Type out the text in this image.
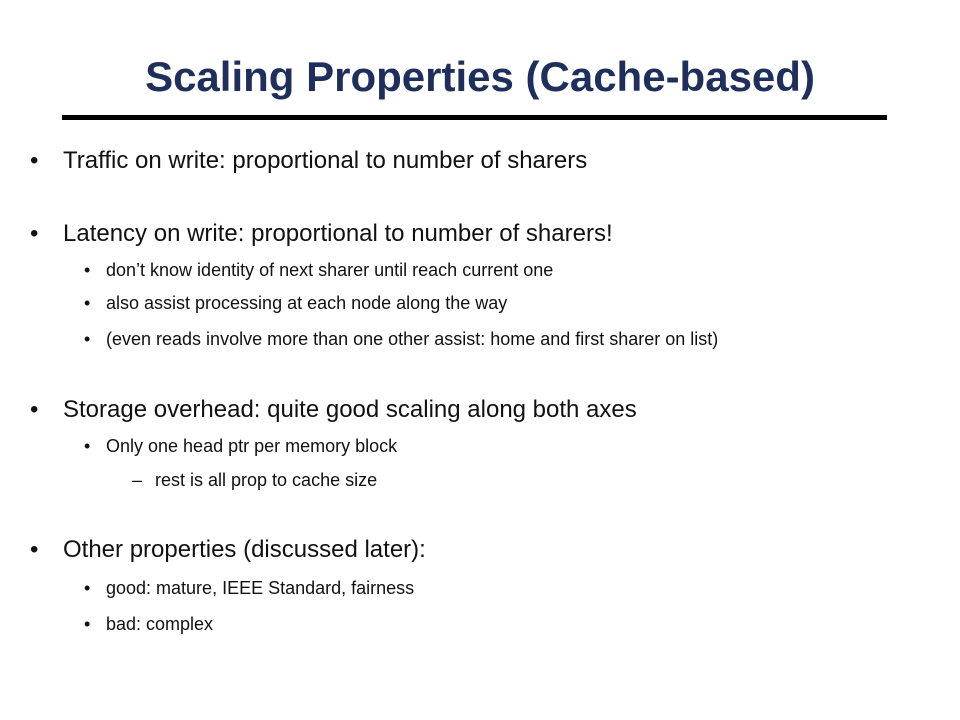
Scaling Properties (Cache-based)
• Traffic on write: proportional to number of sharers
• Latency on write: proportional to number of sharers!
• don’t know identity of next sharer until reach current one
• also assist processing at each node along the way
• (even reads involve more than one other assist: home and first sharer on list)
• Storage overhead: quite good scaling along both axes
• Only one head ptr per memory block
– rest is all prop to cache size
• Other properties (discussed later):
• good: mature, IEEE Standard, fairness
• bad: complex
